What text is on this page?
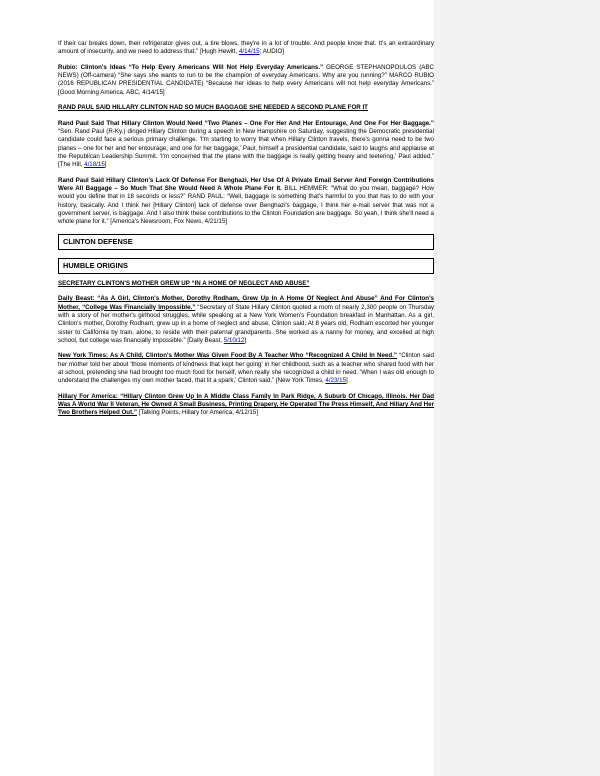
If their car breaks down, their refrigerator gives out, a tire blows, they're in a lot of trouble. And people know that. It's an extraordinary amount of insecurity, and we need to address that." [Hugh Hewitt, 4/14/15; AUDIO]

Rubio: Clinton's Ideas “To Help Every Americans Will Not Help Everyday Americans.” GEORGE STEPHANOPOULOS (ABC NEWS) (Off-camera) “She says she wants to run to be the champion of everyday Americans. Why are you running?” MARCO RUBIO (2016 REPUBLICAN PRESIDENTIAL CANDIDATE) “Because her ideas to help every Americans will not help everyday Americans.” [Good Morning America, ABC, 4/14/15]

RAND PAUL SAID HILLARY CLINTON HAD SO MUCH BAGGAGE SHE NEEDED A SECOND PLANE FOR IT

Rand Paul Said That Hillary Clinton Would Need “Two Planes – One For Her And Her Entourage, And One For Her Baggage.” “Sen. Rand Paul (R-Ky.) dinged Hillary Clinton during a speech in New Hampshire on Saturday, suggesting the Democratic presidential candidate could face a serious primary challenge. 'I'm starting to worry that when Hillary Clinton travels, there's gonna need to be two planes – one for her and her entourage, and one for her baggage,' Paul, himself a presidential candidate, said to laughs and applause at the Republican Leadership Summit. 'I'm concerned that the plane with the baggage is really getting heavy and teetering,' Paul added.” [The Hill, 4/18/15]

Rand Paul Said Hillary Clinton's Lack Of Defense For Benghazi, Her Use Of A Private Email Server And Foreign Contributions Were All Baggage – So Much That She Would Need A Whole Plane For It. BILL HEMMER: “What do you mean, baggage? How would you define that in 18 seconds or less?” RAND PAUL: “Well, baggage is something that's harmful to you that has to do with your history, basically. And I think her [Hillary Clinton] lack of defense over Benghazi's baggage, I think her e-mail server that was not a government server, is baggage. And I also think these contributions to the Clinton Foundation are baggage. So yeah, I think she'll need a whole plane for it.” [America's Newsroom, Fox News, 4/21/15]

CLINTON DEFENSE
HUMBLE ORIGINS

SECRETARY CLINTON'S MOTHER GREW UP “IN A HOME OF NEGLECT AND ABUSE”

Daily Beast: “As A Girl, Clinton's Mother, Dorothy Rodham, Grew Up In A Home Of Neglect And Abuse” And For Clinton's Mother, “College Was Financially Impossible.” “Secretary of State Hillary Clinton quoted a room of nearly 2,300 people on Thursday with a story of her mother's girlhood struggles, while speaking at a New York Women's Foundation breakfast in Manhattan. As a girl, Clinton's mother, Dorothy Rodham, grew up in a home of neglect and abuse, Clinton said. At 8 years old, Rodham escorted her younger sister to California by train, alone, to reside with their paternal grandparents. She worked as a nanny for money, and excelled at high school, but college was financially impossible.” [Daily Beast, 5/10/12]

New York Times: As A Child, Clinton's Mother Was Given Food By A Teacher Who “Recognized A Child In Need.” “Clinton said her mother told her about 'those moments of kindness that kept her going' in her childhood, such as a teacher who shared food with her at school, pretending she had brought too much food for herself, when really she recognized a child in need. 'When I was old enough to understand the challenges my own mother faced, that lit a spark,' Clinton said.” [New York Times, 4/23/15]

Hillary For America: “Hillary Clinton Grew Up In A Middle Class Family In Park Ridge, A Suburb Of Chicago, Illinois. Her Dad Was A World War II Veteran, He Owned A Small Business, Printing Drapery, He Operated The Press Himself, And Hillary And Her Two Brothers Helped Out.” [Talking Points, Hillary for America, 4/12/15]
